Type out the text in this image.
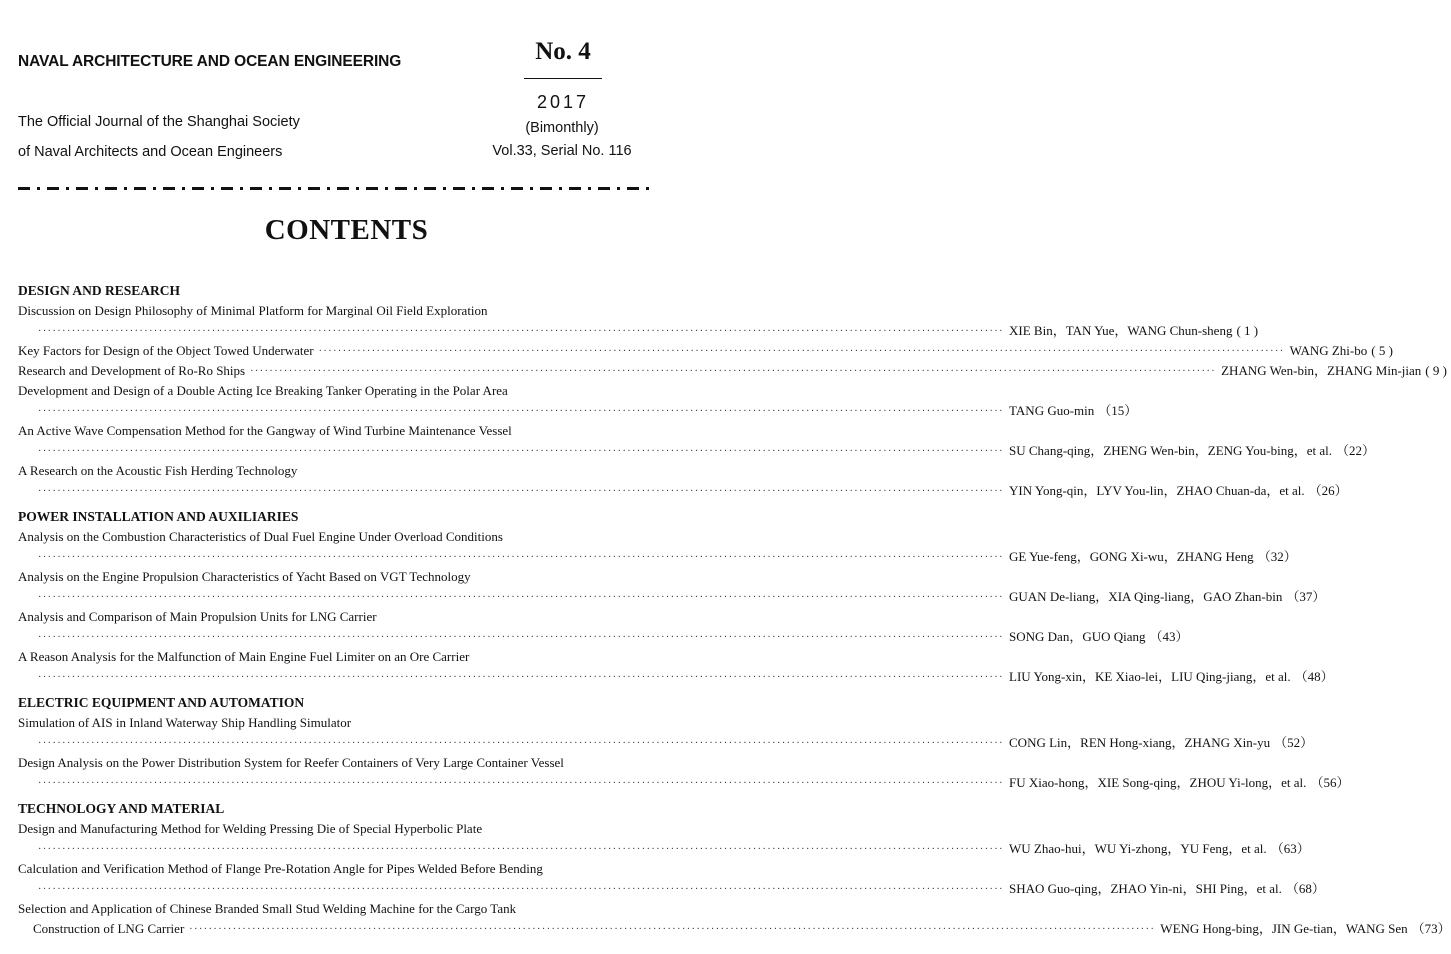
NAVAL ARCHITECTURE AND OCEAN ENGINEERING	No. 4
2017
(Bimonthly)
Vol.33, Serial No. 116
The Official Journal of the Shanghai Society
of Naval Architects and Ocean Engineers
CONTENTS
DESIGN AND RESEARCH
Discussion on Design Philosophy of Minimal Platform for Marginal Oil Field Exploration
········································································································································································································ XIE Bin，TAN Yue，WANG Chun-sheng ( 1 )
Key Factors for Design of the Object Towed Underwater ········································································································································································································ WANG Zhi-bo ( 5 )
Research and Development of Ro-Ro Ships ········································································································································································································ ZHANG Wen-bin，ZHANG Min-jian ( 9 )
Development and Design of a Double Acting Ice Breaking Tanker Operating in the Polar Area
········································································································································································································ TANG Guo-min （15）
An Active Wave Compensation Method for the Gangway of Wind Turbine Maintenance Vessel
········································································································································································································ SU Chang-qing，ZHENG Wen-bin，ZENG You-bing，et al. （22）
A Research on the Acoustic Fish Herding Technology
········································································································································································································ YIN Yong-qin，LYV You-lin，ZHAO Chuan-da，et al. （26）
POWER INSTALLATION AND AUXILIARIES
Analysis on the Combustion Characteristics of Dual Fuel Engine Under Overload Conditions
········································································································································································································ GE Yue-feng，GONG Xi-wu，ZHANG Heng （32）
Analysis on the Engine Propulsion Characteristics of Yacht Based on VGT Technology
········································································································································································································ GUAN De-liang，XIA Qing-liang，GAO Zhan-bin （37）
Analysis and Comparison of Main Propulsion Units for LNG Carrier
········································································································································································································ SONG Dan，GUO Qiang （43）
A Reason Analysis for the Malfunction of Main Engine Fuel Limiter on an Ore Carrier
········································································································································································································ LIU Yong-xin，KE Xiao-lei，LIU Qing-jiang，et al. （48）
ELECTRIC EQUIPMENT AND AUTOMATION
Simulation of AIS in Inland Waterway Ship Handling Simulator
········································································································································································································ CONG Lin，REN Hong-xiang，ZHANG Xin-yu （52）
Design Analysis on the Power Distribution System for Reefer Containers of Very Large Container Vessel
········································································································································································································ FU Xiao-hong，XIE Song-qing，ZHOU Yi-long，et al. （56）
TECHNOLOGY AND MATERIAL
Design and Manufacturing Method for Welding Pressing Die of Special Hyperbolic Plate
········································································································································································································ WU Zhao-hui，WU Yi-zhong，YU Feng，et al. （63）
Calculation and Verification Method of Flange Pre-Rotation Angle for Pipes Welded Before Bending
········································································································································································································ SHAO Guo-qing，ZHAO Yin-ni，SHI Ping，et al. （68）
Selection and Application of Chinese Branded Small Stud Welding Machine for the Cargo Tank
Construction of LNG Carrier ········································································································································································································ WENG Hong-bing，JIN Ge-tian，WANG Sen （73）
